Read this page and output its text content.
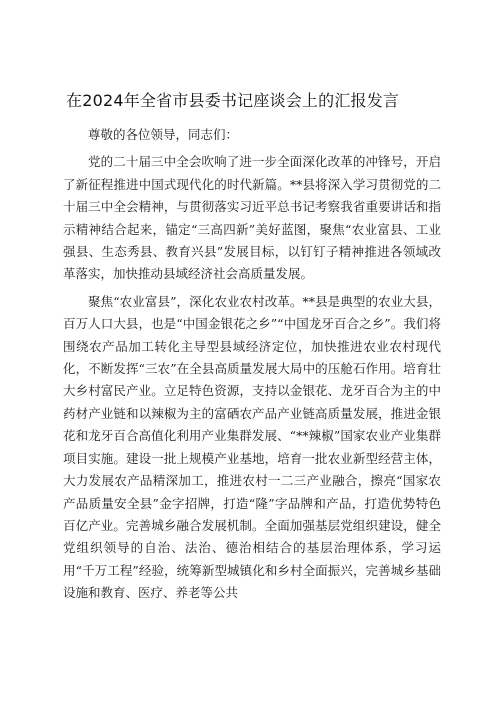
在2024年全省市县委书记座谈会上的汇报发言

尊敬的各位领导，同志们：

党的二十届三中全会吹响了进一步全面深化改革的冲锋号，开启了新征程推进中国式现代化的时代新篇。**县将深入学习贯彻党的二十届三中全会精神，与贯彻落实习近平总书记考察我省重要讲话和指示精神结合起来，锚定“三高四新”美好蓝图，聚焦“农业富县、工业强县、生态秀县、教育兴县”发展目标，以钉钉子精神推进各领域改革落实，加快推动县域经济社会高质量发展。

聚焦“农业富县”，深化农业农村改革。**县是典型的农业大县，百万人口大县，也是“中国金银花之乡”“中国龙牙百合之乡”。我们将围绕农产品加工转化主导型县域经济定位，加快推进农业农村现代化，不断发挥“三农”在全县高质量发展大局中的压舱石作用。培育壮大乡村富民产业。立足特色资源，支持以金银花、龙牙百合为主的中药材产业链和以辣椒为主的富硒农产品产业链高质量发展，推进金银花和龙牙百合高值化利用产业集群发展、“**辣椒”国家农业产业集群项目实施。建设一批上规模产业基地，培育一批农业新型经营主体，大力发展农产品精深加工，推进农村一二三产业融合，擦亮“国家农产品质量安全县”金字招牌，打造“隆”字品牌和产品，打造优势特色百亿产业。完善城乡融合发展机制。全面加强基层党组织建设，健全党组织领导的自治、法治、德治相结合的基层治理体系，学习运用“千万工程”经验，统筹新型城镇化和乡村全面振兴，完善城乡基础设施和教育、医疗、养老等公共
